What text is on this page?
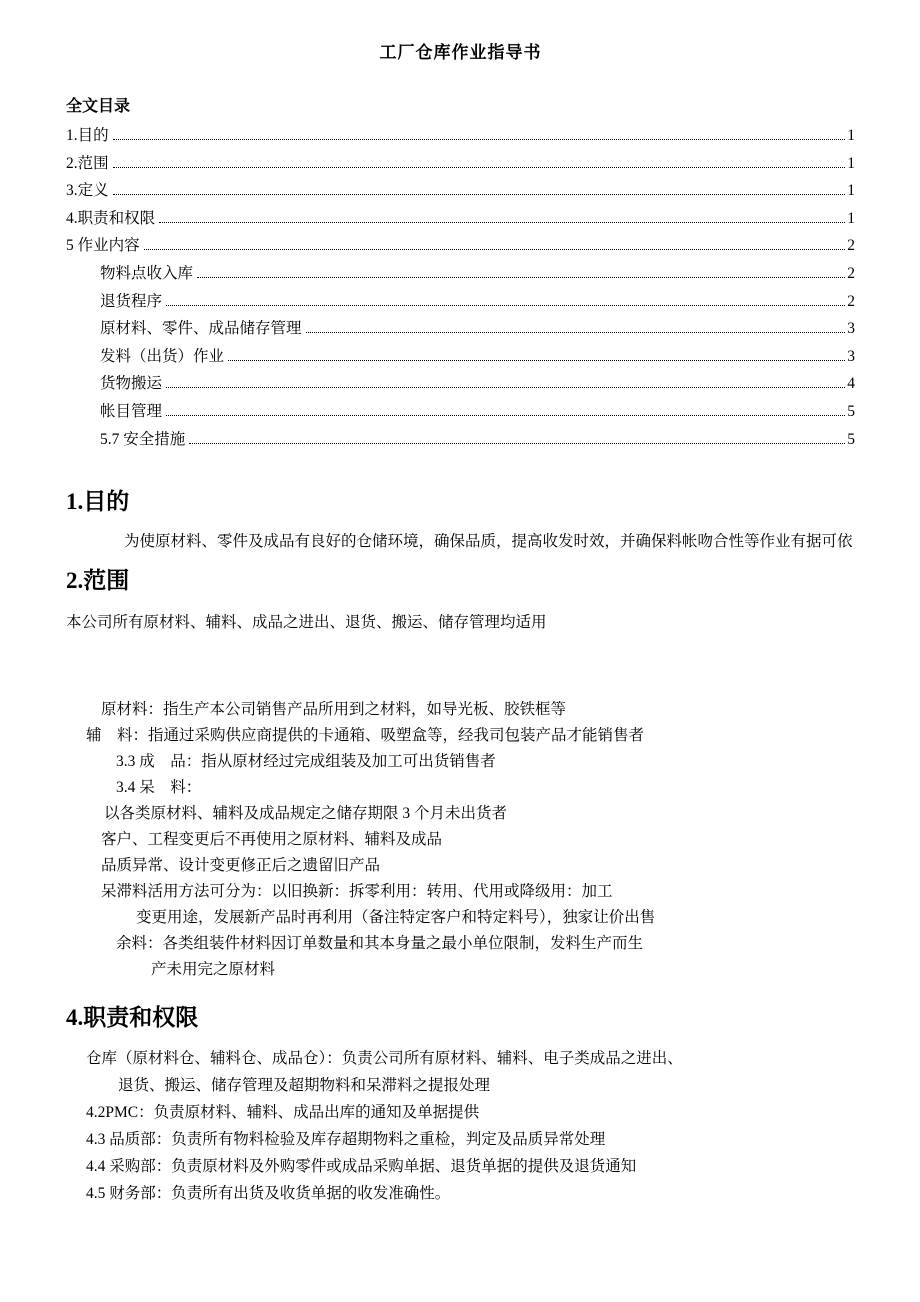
工厂仓库作业指导书
全文目录
1.目的	1
2.范围	1
3.定义	1
4.职责和权限	1
5 作业内容	2
物料点收入库	2
退货程序	2
原材料、零件、成品储存管理	3
发料（出货）作业	3
货物搬运	4
帐目管理	5
5.7 安全措施	5
1.目的

为使原材料、零件及成品有良好的仓储环境，确保品质，提高收发时效，并确保料帐吻合性等作业有据可依

2.范围

本公司所有原材料、辅料、成品之进出、退货、搬运、储存管理均适用

原材料：指生产本公司销售产品所用到之材料，如导光板、胶铁框等

辅　料：指通过采购供应商提供的卡通箱、吸塑盒等，经我司包装产品才能销售者

3.3 成　品：指从原材经过完成组装及加工可出货销售者

3.4 呆　料：

以各类原材料、辅料及成品规定之储存期限 3 个月未出货者

客户、工程变更后不再使用之原材料、辅料及成品

品质异常、设计变更修正后之遗留旧产品

呆滞料活用方法可分为：以旧换新：拆零利用：转用、代用或降级用：加工

变更用途，发展新产品时再利用（备注特定客户和特定料号），独家让价出售

余料：各类组装件材料因订单数量和其本身量之最小单位限制，发料生产而生

产未用完之原材料

4.职责和权限

仓库（原材料仓、辅料仓、成品仓）：负责公司所有原材料、辅料、电子类成品之进出、

退货、搬运、储存管理及超期物料和呆滞料之提报处理

4.2PMC：负责原材料、辅料、成品出库的通知及单据提供

4.3 品质部：负责所有物料检验及库存超期物料之重检，判定及品质异常处理

4.4 采购部：负责原材料及外购零件或成品采购单据、退货单据的提供及退货通知

4.5 财务部：负责所有出货及收货单据的收发准确性。
